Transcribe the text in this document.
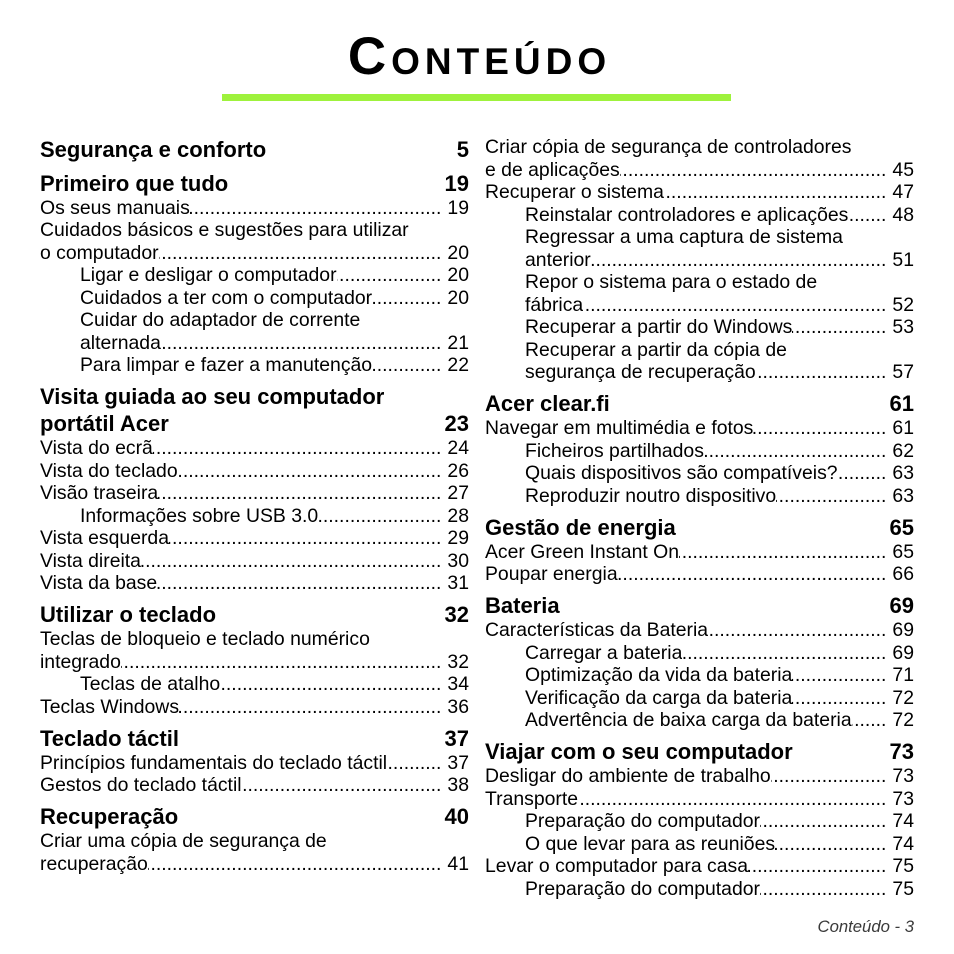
Conteúdo
Segurança e conforto	5
Primeiro que tudo	19
Os seus manuais .....	19
Cuidados básicos e sugestões para utilizar
o computador .....	20
Ligar e desligar o computador .....	20
Cuidados a ter com o computador .....	20
Cuidar do adaptador de corrente
alternada .....	21
Para limpar e fazer a manutenção .....	22
Visita guiada ao seu computador
portátil Acer	23
Vista do ecrã .....	24
Vista do teclado .....	26
Visão traseira .....	27
Informações sobre USB 3.0 .....	28
Vista esquerda .....	29
Vista direita .....	30
Vista da base .....	31
Utilizar o teclado	32
Teclas de bloqueio e teclado numérico
integrado .....	32
Teclas de atalho .....	34
Teclas Windows .....	36
Teclado táctil	37
Princípios fundamentais do teclado táctil .....	37
Gestos do teclado táctil .....	38
Recuperação	40
Criar uma cópia de segurança de
recuperação .....	41
Criar cópia de segurança de controladores
e de aplicações .....	45
Recuperar o sistema .....	47
Reinstalar controladores e aplicações .....	48
Regressar a uma captura de sistema
anterior .....	51
Repor o sistema para o estado de
fábrica .....	52
Recuperar a partir do Windows .....	53
Recuperar a partir da cópia de
segurança de recuperação .....	57
Acer clear.fi	61
Navegar em multimédia e fotos .....	61
Ficheiros partilhados .....	62
Quais dispositivos são compatíveis? .....	63
Reproduzir noutro dispositivo .....	63
Gestão de energia	65
Acer Green Instant On .....	65
Poupar energia .....	66
Bateria	69
Características da Bateria .....	69
Carregar a bateria .....	69
Optimização da vida da bateria .....	71
Verificação da carga da bateria .....	72
Advertência de baixa carga da bateria .....	72
Viajar com o seu computador	73
Desligar do ambiente de trabalho .....	73
Transporte .....	73
Preparação do computador .....	74
O que levar para as reuniões .....	74
Levar o computador para casa .....	75
Preparação do computador .....	75
Conteúdo - 3
